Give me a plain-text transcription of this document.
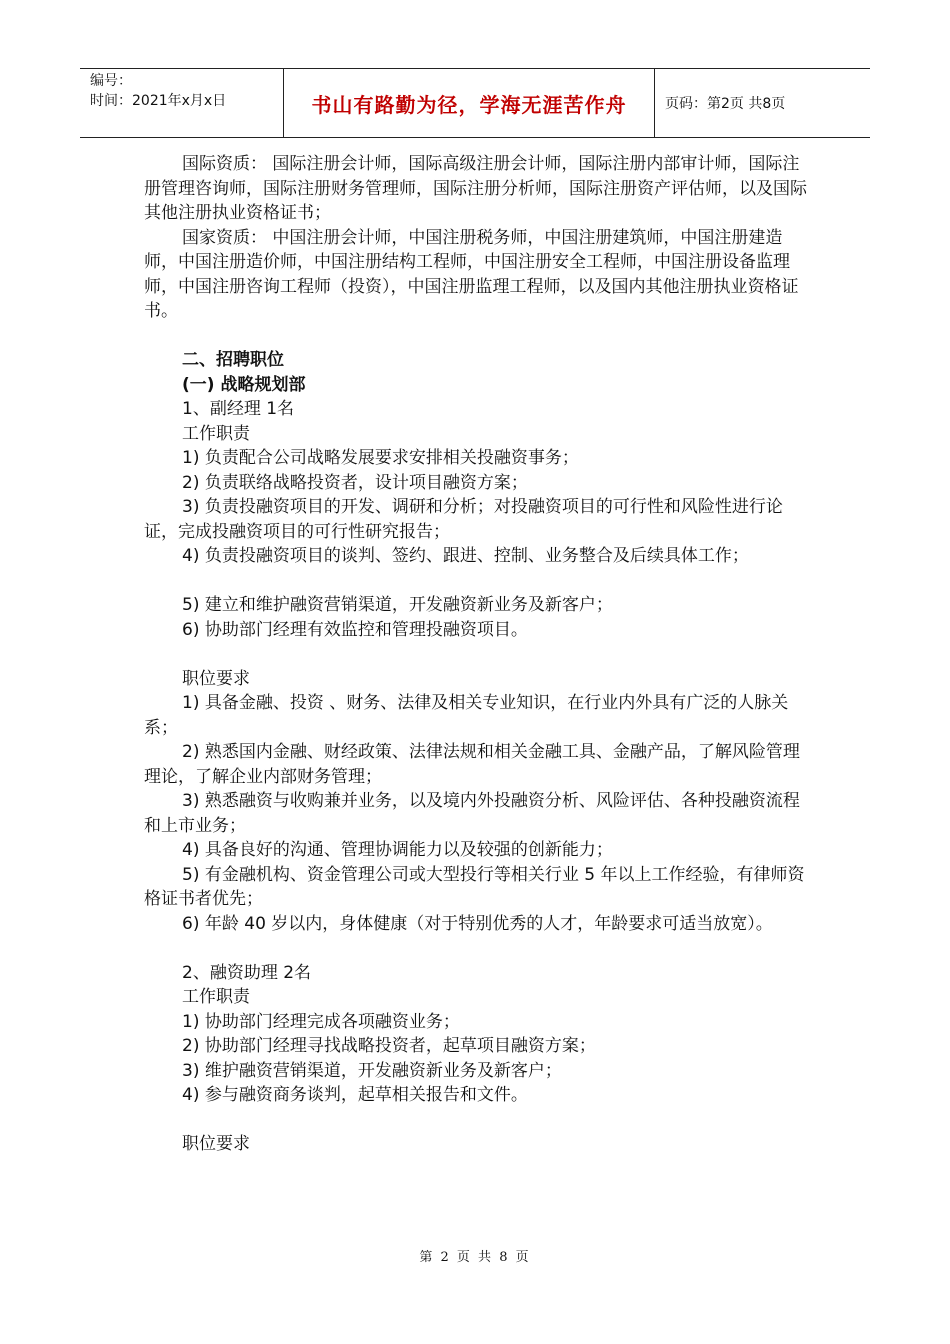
编号：
时间：2021年x月x日	书山有路勤为径，学海无涯苦作舟	页码：第2页 共8页

国际资质： 国际注册会计师，国际高级注册会计师，国际注册内部审计师，国际注册管理咨询师，国际注册财务管理师，国际注册分析师，国际注册资产评估师，以及国际其他注册执业资格证书；

国家资质： 中国注册会计师，中国注册税务师，中国注册建筑师，中国注册建造师，中国注册造价师，中国注册结构工程师，中国注册安全工程师，中国注册设备监理师，中国注册咨询工程师（投资），中国注册监理工程师，以及国内其他注册执业资格证书。

二、招聘职位

(一) 战略规划部

1、副经理 1名

工作职责

1) 负责配合公司战略发展要求安排相关投融资事务；

2) 负责联络战略投资者，设计项目融资方案；

3) 负责投融资项目的开发、调研和分析；对投融资项目的可行性和风险性进行论证，完成投融资项目的可行性研究报告；

4) 负责投融资项目的谈判、签约、跟进、控制、业务整合及后续具体工作；

5) 建立和维护融资营销渠道，开发融资新业务及新客户；

6) 协助部门经理有效监控和管理投融资项目。

职位要求

1) 具备金融、投资 、财务、法律及相关专业知识，在行业内外具有广泛的人脉关系；

2) 熟悉国内金融、财经政策、法律法规和相关金融工具、金融产品，了解风险管理理论，了解企业内部财务管理；

3) 熟悉融资与收购兼并业务，以及境内外投融资分析、风险评估、各种投融资流程和上市业务；

4) 具备良好的沟通、管理协调能力以及较强的创新能力；

5) 有金融机构、资金管理公司或大型投行等相关行业 5 年以上工作经验，有律师资格证书者优先；

6) 年龄 40 岁以内，身体健康（对于特别优秀的人才，年龄要求可适当放宽）。

2、融资助理 2名

工作职责

1) 协助部门经理完成各项融资业务；

2) 协助部门经理寻找战略投资者，起草项目融资方案；

3) 维护融资营销渠道，开发融资新业务及新客户；

4) 参与融资商务谈判，起草相关报告和文件。

职位要求

第 2 页 共 8 页
